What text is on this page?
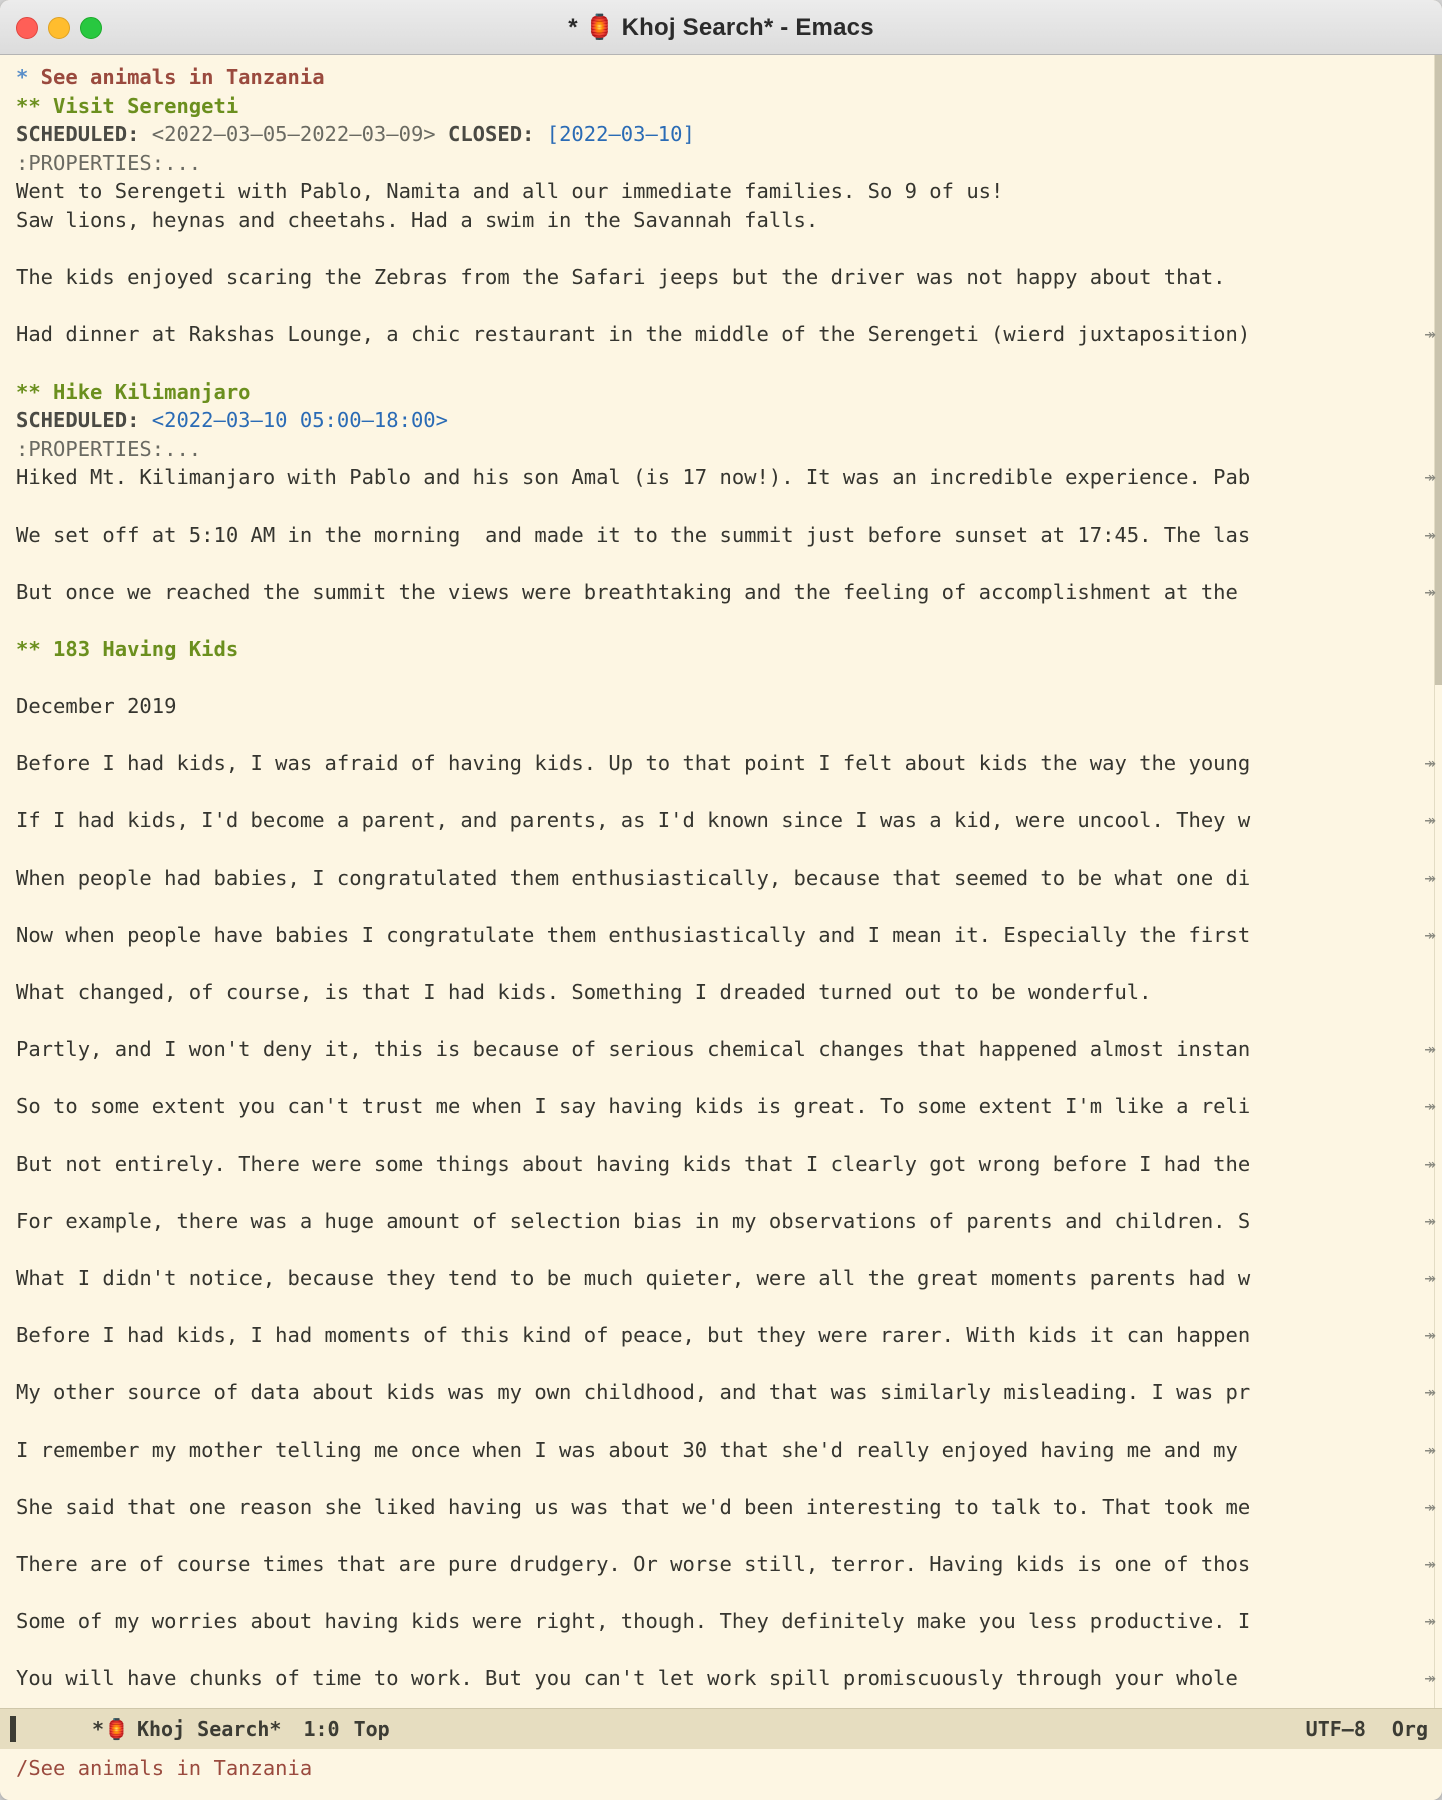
* 🏮 Khoj Search* - Emacs
* See animals in Tanzania
** Visit Serengeti
SCHEDULED: <2022‒03‒05‒2022‒03‒09> CLOSED: [2022‒03‒10]
:PROPERTIES:...
Went to Serengeti with Pablo, Namita and all our immediate families. So 9 of us!
Saw lions, heynas and cheetahs. Had a swim in the Savannah falls.

The kids enjoyed scaring the Zebras from the Safari jeeps but the driver was not happy about that.

Had dinner at Rakshas Lounge, a chic restaurant in the middle of the Serengeti (wierd juxtaposition)	↠

** Hike Kilimanjaro
SCHEDULED: <2022‒03‒10 05:00‒18:00>
:PROPERTIES:...
Hiked Mt. Kilimanjaro with Pablo and his son Amal (is 17 now!). It was an incredible experience. Pab	↠

We set off at 5:10 AM in the morning  and made it to the summit just before sunset at 17:45. The las	↠

But once we reached the summit the views were breathtaking and the feeling of accomplishment at the	↠

** 183 Having Kids

December 2019

Before I had kids, I was afraid of having kids. Up to that point I felt about kids the way the young	↠

If I had kids, I'd become a parent, and parents, as I'd known since I was a kid, were uncool. They w	↠

When people had babies, I congratulated them enthusiastically, because that seemed to be what one di	↠

Now when people have babies I congratulate them enthusiastically and I mean it. Especially the first	↠

What changed, of course, is that I had kids. Something I dreaded turned out to be wonderful.

Partly, and I won't deny it, this is because of serious chemical changes that happened almost instan	↠

So to some extent you can't trust me when I say having kids is great. To some extent I'm like a reli	↠

But not entirely. There were some things about having kids that I clearly got wrong before I had the	↠

For example, there was a huge amount of selection bias in my observations of parents and children. S	↠

What I didn't notice, because they tend to be much quieter, were all the great moments parents had w	↠

Before I had kids, I had moments of this kind of peace, but they were rarer. With kids it can happen	↠

My other source of data about kids was my own childhood, and that was similarly misleading. I was pr	↠

I remember my mother telling me once when I was about 30 that she'd really enjoyed having me and my	↠

She said that one reason she liked having us was that we'd been interesting to talk to. That took me	↠

There are of course times that are pure drudgery. Or worse still, terror. Having kids is one of thos	↠

Some of my worries about having kids were right, though. They definitely make you less productive. I	↠

You will have chunks of time to work. But you can't let work spill promiscuously through your whole	↠

* 🏮 Khoj Search* 1:0 Top	UTF‒8 Org
/See animals in Tanzania
